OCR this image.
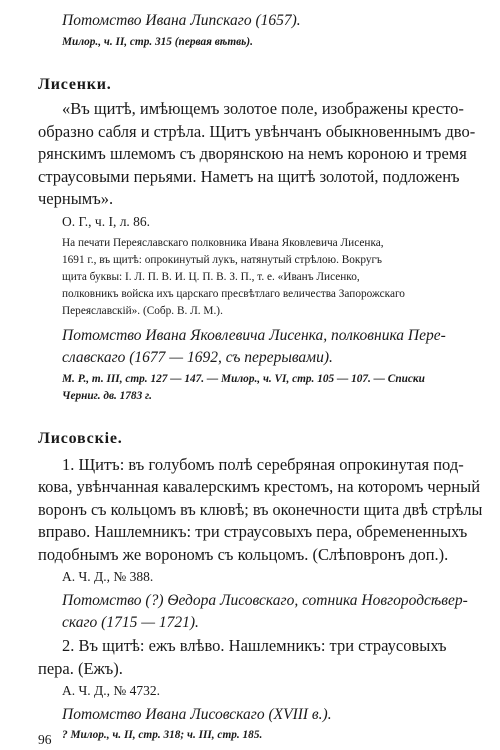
Потомство Ивана Липскаго (1657).
Милор., ч. II, стр. 315 (первая вѣтвь).
Лисенки.
«Въ щитѣ, имѣющемъ золотое поле, изображены кресто-
образно сабля и стрѣла. Щитъ увѣнчанъ обыкновеннымъ дво-
рянскимъ шлемомъ съ дворянскою на немъ короною и тремя
страусовыми перьями. Наметъ на щитѣ золотой, подложенъ
чернымъ».
О. Г., ч. I, л. 86.
На печати Переяславскаго полковника Ивана Яковлевича Лисенка,
1691 г., въ щитѣ: опрокинутый лукъ, натянутый стрѣлою. Вокругъ
щита буквы: I. Л. П. В. И. Ц. П. В. З. П., т. е. «Иванъ Лисенко,
полковникъ войска ихъ царскаго пресвѣтлаго величества Запорожскаго
Переяславскій». (Собр. В. Л. М.).
Потомство Ивана Яковлевича Лисенка, полковника Пере-
славскаго (1677 — 1692, съ перерывами).
М. Р., т. III, стр. 127 — 147. — Милор., ч. VI, стр. 105 — 107. — Списки
Черниг. дв. 1783 г.
Лисовскіе.
1. Щитъ: въ голубомъ полѣ серебряная опрокинутая под-
кова, увѣнчанная кавалерскимъ крестомъ, на которомъ черный
воронъ съ кольцомъ въ клювѣ; въ оконечности щита двѣ стрѣлы
вправо. Нашлемникъ: три страусовыхъ пера, обремененныхъ
подобнымъ же ворономъ съ кольцомъ. (Слѣповронъ доп.).
А. Ч. Д., № 388.
Потомство (?) Ѳедора Лисовскаго, сотника Новгородсѣвер-
скаго (1715 — 1721).
2. Въ щитѣ: ежъ влѣво. Нашлемникъ: три страусовыхъ
пера. (Ежъ).
А. Ч. Д., № 4732.
Потомство Ивана Лисовскаго (XVIII в.).
? Милор., ч. II, стр. 318; ч. III, стр. 185.
96
